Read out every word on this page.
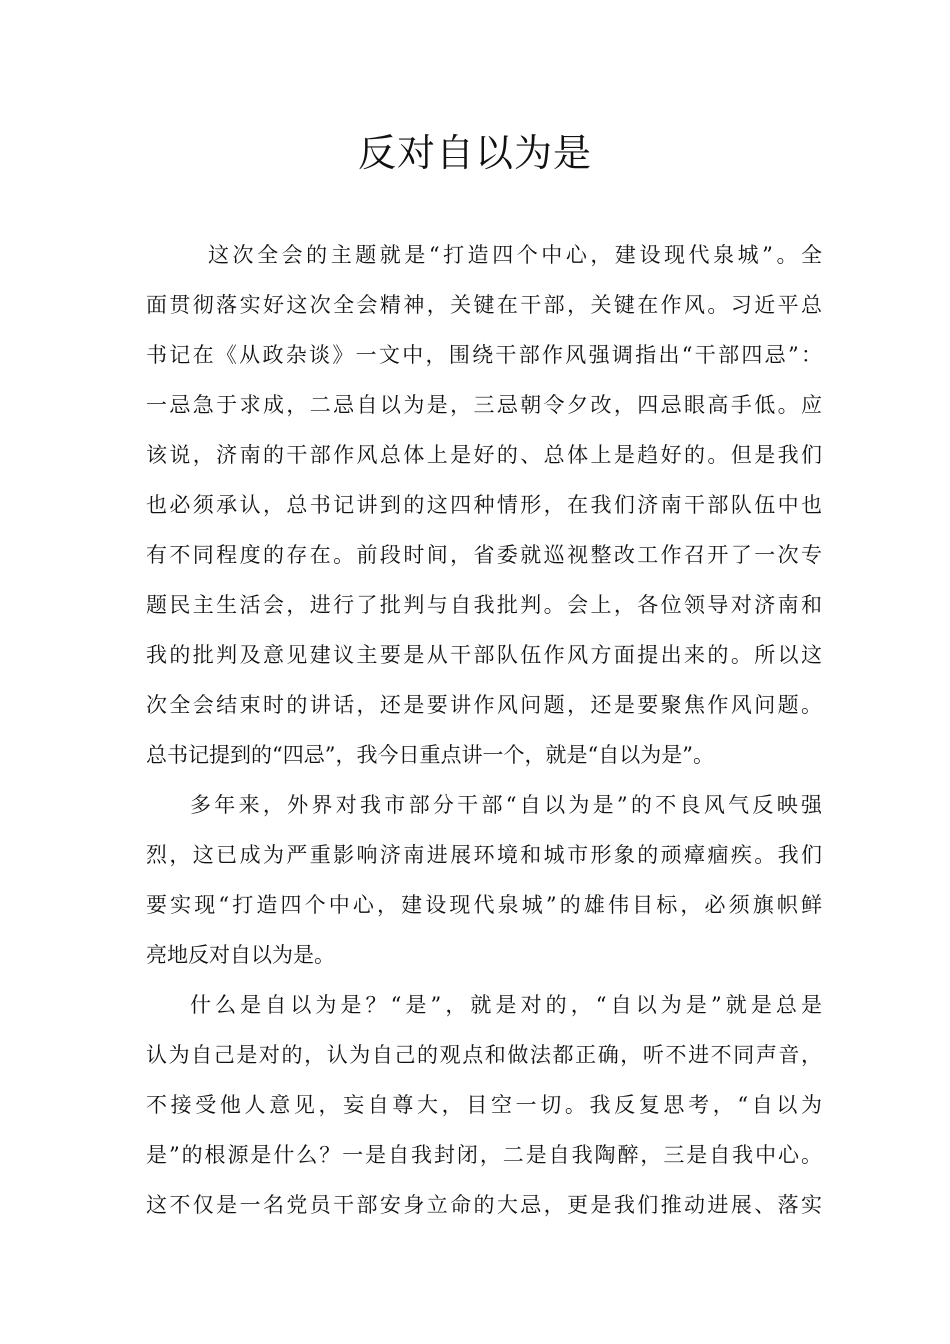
反对自以为是
这次全会的主题就是“打造四个中心，建设现代泉城”。全
面贯彻落实好这次全会精神，关键在干部，关键在作风。习近平总
书记在《从政杂谈》一文中，围绕干部作风强调指出“干部四忌”：
一忌急于求成，二忌自以为是，三忌朝令夕改，四忌眼高手低。应
该说，济南的干部作风总体上是好的、总体上是趋好的。但是我们
也必须承认，总书记讲到的这四种情形，在我们济南干部队伍中也
有不同程度的存在。前段时间，省委就巡视整改工作召开了一次专
题民主生活会，进行了批判与自我批判。会上，各位领导对济南和
我的批判及意见建议主要是从干部队伍作风方面提出来的。所以这
次全会结束时的讲话，还是要讲作风问题，还是要聚焦作风问题。
总书记提到的“四忌”，我今日重点讲一个，就是“自以为是”。
多年来，外界对我市部分干部“自以为是”的不良风气反映强
烈，这已成为严重影响济南进展环境和城市形象的顽瘴痼疾。我们
要实现“打造四个中心，建设现代泉城”的雄伟目标，必须旗帜鲜
亮地反对自以为是。
什么是自以为是？“是”，就是对的，“自以为是”就是总是
认为自己是对的，认为自己的观点和做法都正确，听不进不同声音，
不接受他人意见，妄自尊大，目空一切。我反复思考，“自以为
是”的根源是什么？一是自我封闭，二是自我陶醉，三是自我中心。
这不仅是一名党员干部安身立命的大忌，更是我们推动进展、落实
